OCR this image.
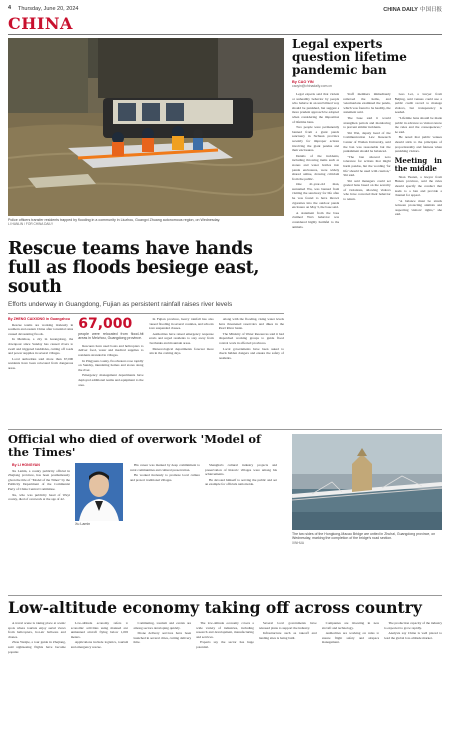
4 Thursday, June 20, 2024	CHINA DAILY 中国日报
CHINA
Police officers transfer residents trapped by flooding in a community in Liuzhou, Guangxi Zhuang autonomous region, on Wednesday.
LI HANLIN / FOR CHINA DAILY
Legal experts question lifetime pandemic ban
By CAO YIN
caoyin@chinadaily.com.cn

Legal experts said that violent or unhealthy behavior by people who behave in an uncivilized way should be punished, but suggest a more prudent approach be adopted when considering the imposition of lifetime bans.

Two people were permanently banned from a giant panda sanctuary in Sichuan province recently for improper actions involving the giant pandas and their enclosures.

Details of the incidents, including throwing items such as stones and water bottles into panda enclosures, were widely shared online, drawing criticism from the public.

One 41-year-old man, surnamed Wu, was banned from visiting the sanctuary for life after he was found to have thrown cigarettes into the outdoor panda enclosure on May 3, the base said.

A statement from the base claimed Wu's behavior was considered highly harmful to the animals.

Staff members immediately removed the items, and veterinarians examined the panda, which was found to be healthy, the statement said.

The base said it would strengthen patrols and monitoring to prevent similar incidents.

Shi Wei, deputy head of the Communication Law Research Center of Wuhan University, said the ban was reasonable but the punishment should be balanced.

"The ban showed zero tolerance for actions that might harm pandas, but the wording 'for life' should be used with caution," Shi said.

Shi said managers could set graded bans based on the severity of violations, allowing visitors who have corrected their behavior to return.

Guo Lei, a lawyer from Beijing, said venues could use a public credit record to manage visitors, but transparency is needed.

"Lifetime bans should be made public in advance so visitors know the rules and the consequences," he said.

He noted that public venues should stick to the principles of proportionality and fairness when punishing visitors.

Meeting in the middle

Shan Yuanzi, a lawyer from Hunan province, said the rules should specify the conduct that leads to a ban and provide a channel for appeal.

"A balance must be struck between protecting animals and respecting visitors' rights," she said.

Rescue teams have hands full as floods besiege east, south
Efforts underway in Guangdong, Fujian as persistent rainfall raises river levels

By ZHENG CAIXIONG in Guangzhou

Rescue teams are working tirelessly in southern and eastern China after torrential rains caused devastating floods.

In Meizhou, a city in Guangdong, the downpour since Sunday has caused rivers to swell and triggered landslides, cutting off roads and power supplies in several villages.

Local authorities said more than 67,000 residents have been relocated from dangerous areas.

67,000
people were relocated from flood-hit areas in Meizhou, Guangdong province.

Rescuers have used boats and helicopters to deliver food, water and medical supplies to residents stranded in villages.

In Pingyuan county, floodwaters rose rapidly on Sunday, inundating homes and stores along the river.

Emergency management departments have deployed additional teams and equipment to the area.

In Fujian province, heavy rainfall has also caused flooding in several counties, and schools have suspended classes.

Authorities have raised emergency response levels and urged residents to stay away from riverbanks and mountain areas.

Meteorological departments forecast more rain in the coming days.

Along with the flooding, rising water levels have threatened reservoirs and dikes in the Pearl River basin.

The Ministry of Water Resources said it had dispatched working groups to guide flood control work in affected provinces.

Local governments have been asked to check hidden dangers and ensure the safety of residents.

Official who died of overwork 'Model of the Times'

By LI HONGYAN

Xu Lamin, a county publicity official in Zhejiang province, has been posthumously given the title of "Model of the Times" by the Publicity Department of the Communist Party of China Central Committee.

Xu, who was publicity head of Wuyi county, died of overwork at the age of 42.

Xu Lamin

His career was marked by deep commitment to rural communities and cultural preservation.

He worked tirelessly to promote local culture and protect traditional villages.

Shanghai's cultural industry projects and preservation of historic villages were among his achievements.

He devoted himself to serving the public and set an example for officials nationwide.

The two sides of the Hongkong-Macao Bridge are united in Zhuhai, Guangdong province, on Wednesday, marking the completion of the bridge's road section.
XINHUA
Low-altitude economy taking off across country

A travel scene is taking place at scenic spots where tourists enjoy aerial views from helicopters, hot-air balloons and drones.

Zhou Wenjie, a tour guide in Zhejiang, said sightseeing flights have become popular.

Low-altitude economy refers to economic activities using manned and unmanned aircraft flying below 1,000 meters.

Applications include logistics, tourism and emergency rescue.

Commuting, tourism and events are among sectors developing quickly.

Drone delivery services have been launched in several cities, cutting delivery time.

The low-altitude economy covers a wide variety of industries, including research and development, manufacturing and services.

Experts say the sector has huge potential.

Several local governments have released plans to support the industry.

Infrastructure such as takeoff and landing sites is being built.

Companies are investing in new aircraft and technology.

Authorities are working on rules to ensure flight safety and airspace management.

The production capacity of the industry is expected to grow rapidly.

Analysts say China is well placed to lead the global low-altitude market.
